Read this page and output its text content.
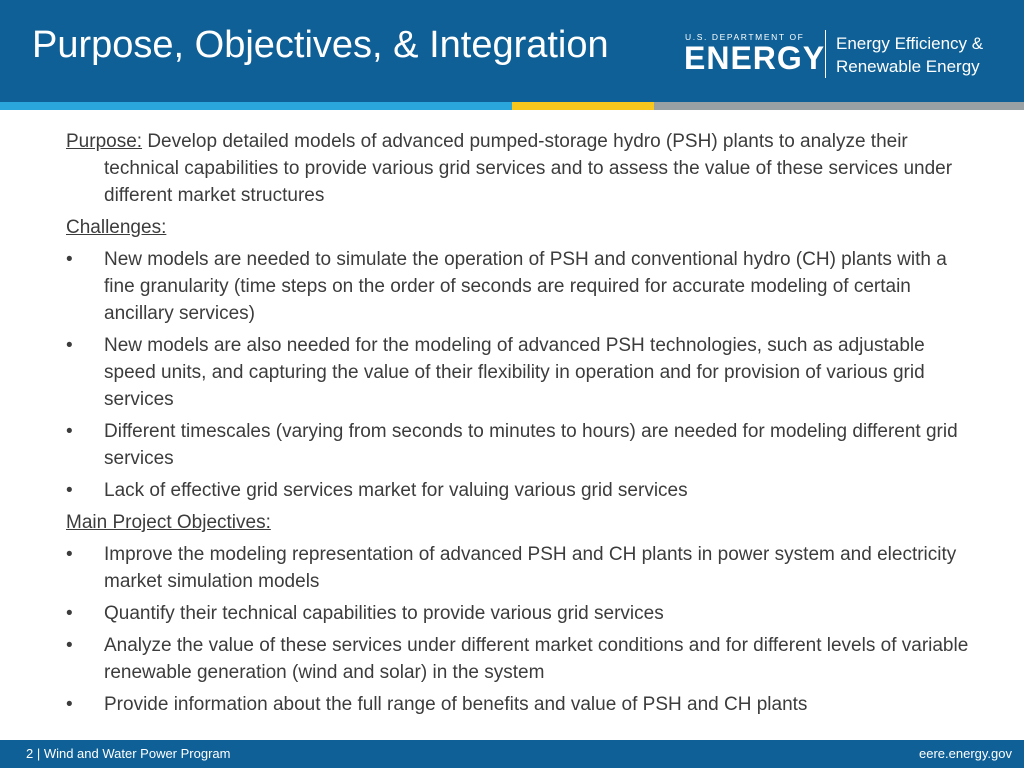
Purpose, Objectives, & Integration	U.S. DEPARTMENT OF
ENERGY Energy Efficiency &
Renewable Energy

Purpose: Develop detailed models of advanced pumped-storage hydro (PSH) plants to analyze their technical capabilities to provide various grid services and to assess the value of these services under different market structures

Challenges:

•	New models are needed to simulate the operation of PSH and conventional hydro (CH) plants with a fine granularity (time steps on the order of seconds are required for accurate modeling of certain ancillary services)
•	New models are also needed for the modeling of advanced PSH technologies, such as adjustable speed units, and capturing the value of their flexibility in operation and for provision of various grid services
•	Different timescales (varying from seconds to minutes to hours) are needed for modeling different grid services
•	Lack of effective grid services market for valuing various grid services

Main Project Objectives:

•	Improve the modeling representation of advanced PSH and CH plants in power system and electricity market simulation models
•	Quantify their technical capabilities to provide various grid services
•	Analyze the value of these services under different market conditions and for different levels of variable renewable generation (wind and solar) in the system
•	Provide information about the full range of benefits and value of PSH and CH plants
2 | Wind and Water Power Program	eere.energy.gov
